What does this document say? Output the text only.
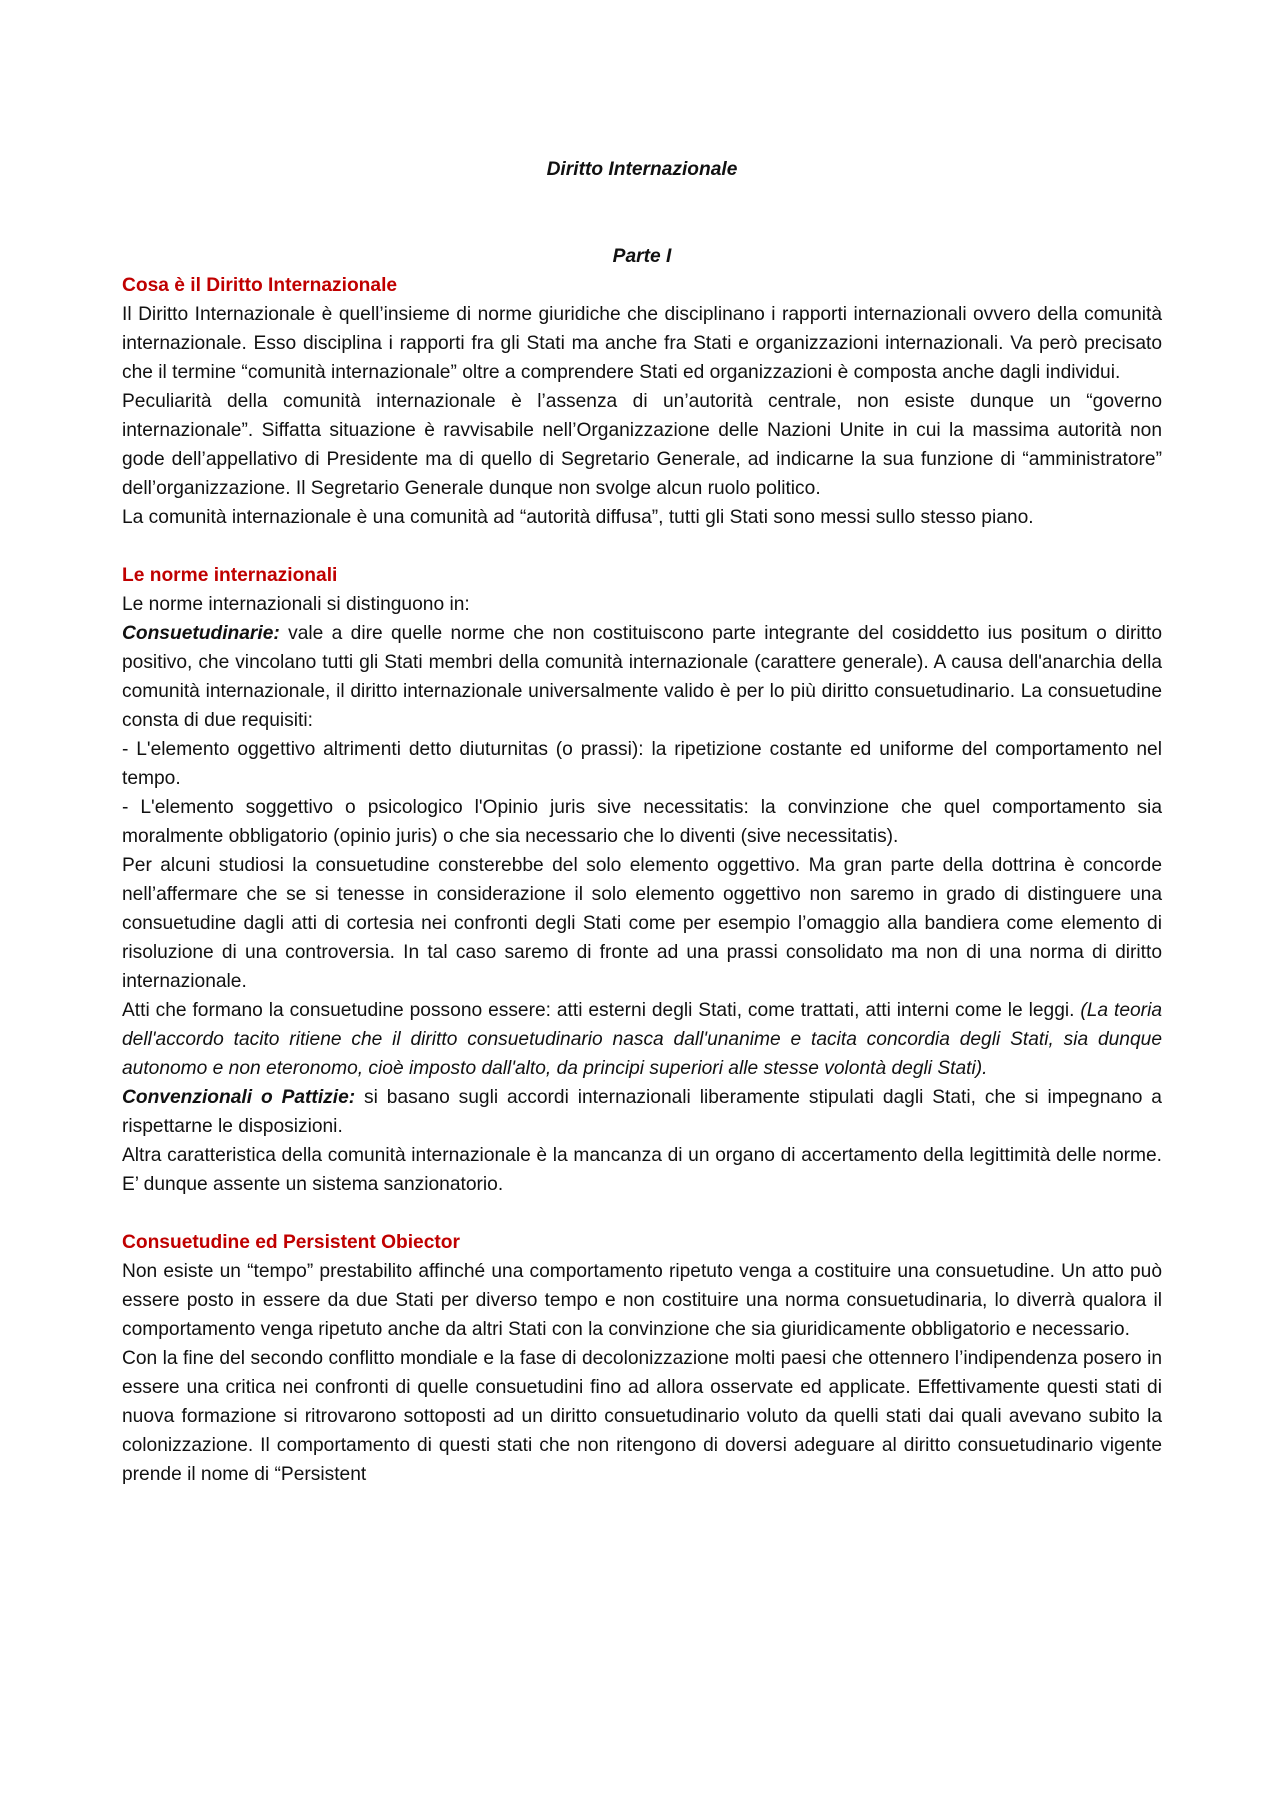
Diritto Internazionale
Parte I
Cosa è il Diritto Internazionale

Il Diritto Internazionale è quell’insieme di norme giuridiche che disciplinano i rapporti internazionali ovvero della comunità internazionale. Esso disciplina i rapporti fra gli Stati ma anche fra Stati e organizzazioni internazionali. Va però precisato che il termine “comunità internazionale” oltre a comprendere Stati ed organizzazioni è composta anche dagli individui.

Peculiarità della comunità internazionale è l’assenza di un’autorità centrale, non esiste dunque un “governo internazionale”. Siffatta situazione è ravvisabile nell’Organizzazione delle Nazioni Unite in cui la massima autorità non gode dell’appellativo di Presidente ma di quello di Segretario Generale, ad indicarne la sua funzione di “amministratore” dell’organizzazione. Il Segretario Generale dunque non svolge alcun ruolo politico.

La comunità internazionale è una comunità ad “autorità diffusa”, tutti gli Stati sono messi sullo stesso piano.

Le norme internazionali

Le norme internazionali si distinguono in:

Consuetudinarie: vale a dire quelle norme che non costituiscono parte integrante del cosiddetto ius positum o diritto positivo, che vincolano tutti gli Stati membri della comunità internazionale (carattere generale). A causa dell'anarchia della comunità internazionale, il diritto internazionale universalmente valido è per lo più diritto consuetudinario. La consuetudine consta di due requisiti:

- L'elemento oggettivo altrimenti detto diuturnitas (o prassi): la ripetizione costante ed uniforme del comportamento nel tempo.

- L'elemento soggettivo o psicologico l'Opinio juris sive necessitatis: la convinzione che quel comportamento sia moralmente obbligatorio (opinio juris) o che sia necessario che lo diventi (sive necessitatis).

Per alcuni studiosi la consuetudine consterebbe del solo elemento oggettivo. Ma gran parte della dottrina è concorde nell’affermare che se si tenesse in considerazione il solo elemento oggettivo non saremo in grado di distinguere una consuetudine dagli atti di cortesia nei confronti degli Stati come per esempio l’omaggio alla bandiera come elemento di risoluzione di una controversia. In tal caso saremo di fronte ad una prassi consolidato ma non di una norma di diritto internazionale.

Atti che formano la consuetudine possono essere: atti esterni degli Stati, come trattati, atti interni come le leggi. (La teoria dell'accordo tacito ritiene che il diritto consuetudinario nasca dall'unanime e tacita concordia degli Stati, sia dunque autonomo e non eteronomo, cioè imposto dall'alto, da principi superiori alle stesse volontà degli Stati).

Convenzionali o Pattizie: si basano sugli accordi internazionali liberamente stipulati dagli Stati, che si impegnano a rispettarne le disposizioni.

Altra caratteristica della comunità internazionale è la mancanza di un organo di accertamento della legittimità delle norme. E’ dunque assente un sistema sanzionatorio.

Consuetudine ed Persistent Obiector

Non esiste un “tempo” prestabilito affinché una comportamento ripetuto venga a costituire una consuetudine. Un atto può essere posto in essere da due Stati per diverso tempo e non costituire una norma consuetudinaria, lo diverrà qualora il comportamento venga ripetuto anche da altri Stati con la convinzione che sia giuridicamente obbligatorio e necessario.

Con la fine del secondo conflitto mondiale e la fase di decolonizzazione molti paesi che ottennero l’indipendenza posero in essere una critica nei confronti di quelle consuetudini fino ad allora osservate ed applicate. Effettivamente questi stati di nuova formazione si ritrovarono sottoposti ad un diritto consuetudinario voluto da quelli stati dai quali avevano subito la colonizzazione. Il comportamento di questi stati che non ritengono di doversi adeguare al diritto consuetudinario vigente prende il nome di “Persistent
